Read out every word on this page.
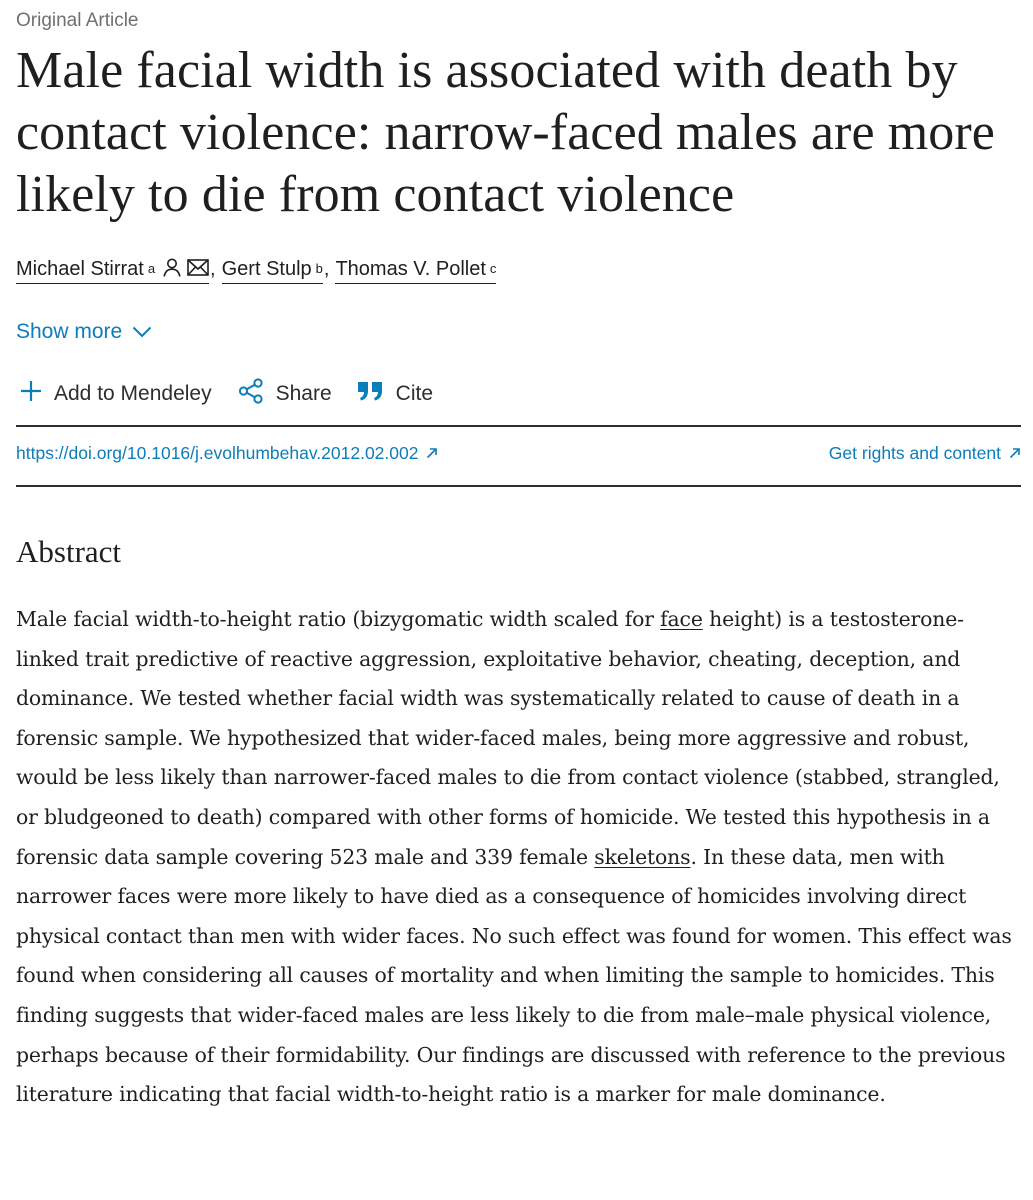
Original Article
Male facial width is associated with death by contact violence: narrow-faced males are more likely to die from contact violence
Michael Stirrat $^a$	, Gert Stulp $^b$ , Thomas V. Pollet $^c$
Show more
Add to Mendeley	Share	Cite
https://doi.org/10.1016/j.evolhumbehav.2012.02.002	Get rights and content
Abstract

Male facial width-to-height ratio (bizygomatic width scaled for face height) is a testosterone-linked trait predictive of reactive aggression, exploitative behavior, cheating, deception, and dominance. We tested whether facial width was systematically related to cause of death in a forensic sample. We hypothesized that wider-faced males, being more aggressive and robust, would be less likely than narrower-faced males to die from contact violence (stabbed, strangled, or bludgeoned to death) compared with other forms of homicide. We tested this hypothesis in a forensic data sample covering 523 male and 339 female skeletons. In these data, men with narrower faces were more likely to have died as a consequence of homicides involving direct physical contact than men with wider faces. No such effect was found for women. This effect was found when considering all causes of mortality and when limiting the sample to homicides. This finding suggests that wider-faced males are less likely to die from male–male physical violence, perhaps because of their formidability. Our findings are discussed with reference to the previous literature indicating that facial width-to-height ratio is a marker for male dominance.
